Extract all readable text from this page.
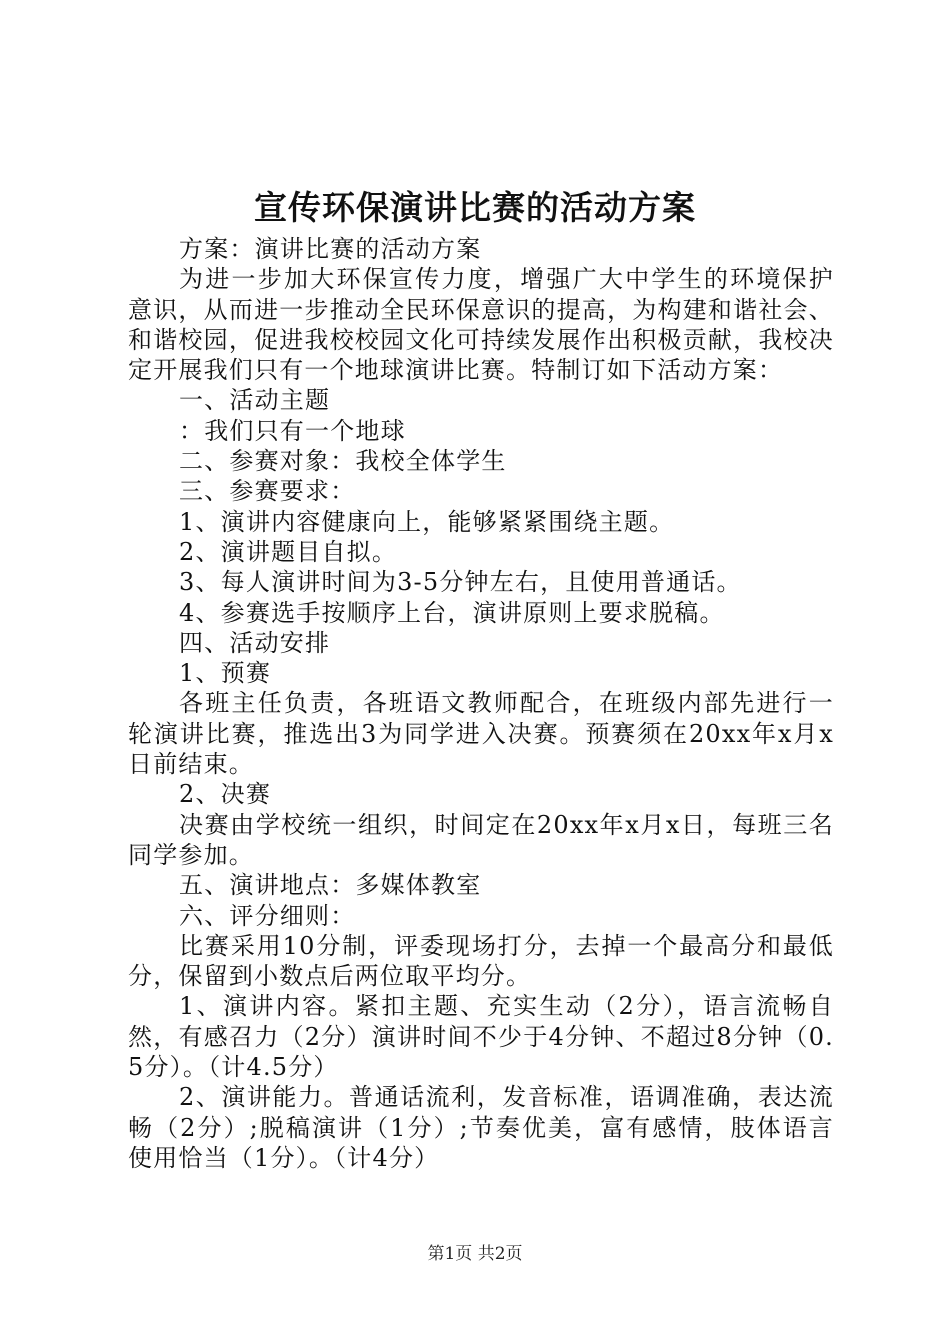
宣传环保演讲比赛的活动方案

方案：演讲比赛的活动方案

为进一步加大环保宣传力度，增强广大中学生的环境保护意识，从而进一步推动全民环保意识的提高，为构建和谐社会、和谐校园，促进我校校园文化可持续发展作出积极贡献，我校决定开展我们只有一个地球演讲比赛。特制订如下活动方案：

一、活动主题

：我们只有一个地球

二、参赛对象：我校全体学生

三、参赛要求：

1、演讲内容健康向上，能够紧紧围绕主题。

2、演讲题目自拟。

3、每人演讲时间为3-5分钟左右，且使用普通话。

4、参赛选手按顺序上台，演讲原则上要求脱稿。

四、活动安排

1、预赛

各班主任负责，各班语文教师配合，在班级内部先进行一轮演讲比赛，推选出3为同学进入决赛。预赛须在20xx年x月x日前结束。

2、决赛

决赛由学校统一组织，时间定在20xx年x月x日，每班三名同学参加。

五、演讲地点：多媒体教室

六、评分细则：

比赛采用10分制，评委现场打分，去掉一个最高分和最低分，保留到小数点后两位取平均分。

1、演讲内容。紧扣主题、充实生动（2分），语言流畅自然，有感召力（2分）演讲时间不少于4分钟、不超过8分钟（0.5分）。（计4.5分）

2、演讲能力。普通话流利，发音标准，语调准确，表达流畅（2分）;脱稿演讲（1分）;节奏优美，富有感情，肢体语言使用恰当（1分）。（计4分）

第1页 共2页
